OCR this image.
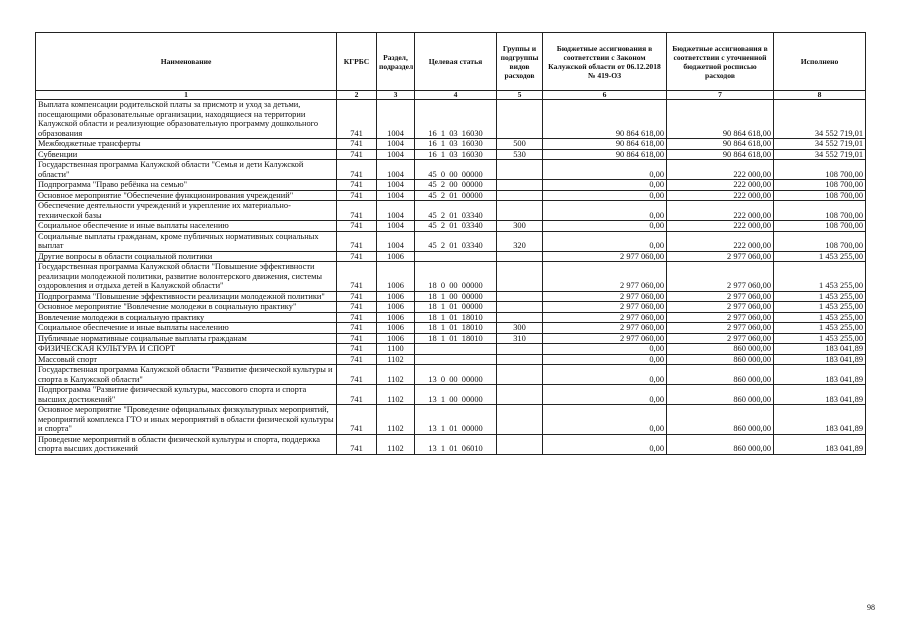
Наименование	КГРБС	Раздел, подраздел	Целевая статья	Группы и подгруппы видов расходов	Бюджетные ассигнования в соответствии с Законом Калужской области от 06.12.2018 № 419-ОЗ	Бюджетные ассигнования в соответствии с уточненной бюджетной росписью расходов	Исполнено
1	2	3	4	5	6	7	8
Выплата компенсации родительской платы за присмотр и уход за детьми, посещающими образовательные организации, находящиеся на территории Калужской области и реализующие образовательную программу дошкольного образования	741	1004	16  1  03  16030		90 864 618,00	90 864 618,00	34 552 719,01
Межбюджетные трансферты	741	1004	16  1  03  16030	500	90 864 618,00	90 864 618,00	34 552 719,01
Субвенции	741	1004	16  1  03  16030	530	90 864 618,00	90 864 618,00	34 552 719,01
Государственная программа Калужской области "Семья и дети Калужской области"	741	1004	45  0  00  00000		0,00	222 000,00	108 700,00
Подпрограмма "Право ребёнка на семью"	741	1004	45  2  00  00000		0,00	222 000,00	108 700,00
Основное мероприятие "Обеспечение функционирования учреждений"	741	1004	45  2  01  00000		0,00	222 000,00	108 700,00
Обеспечение деятельности учреждений и укрепление их материально-технической базы	741	1004	45  2  01  03340		0,00	222 000,00	108 700,00
Социальное обеспечение и иные выплаты населению	741	1004	45  2  01  03340	300	0,00	222 000,00	108 700,00
Социальные выплаты гражданам, кроме публичных нормативных социальных выплат	741	1004	45  2  01  03340	320	0,00	222 000,00	108 700,00
Другие вопросы в области социальной политики	741	1006			2 977 060,00	2 977 060,00	1 453 255,00
Государственная программа Калужской области "Повышение эффективности реализации молодежной политики, развитие волонтерского движения, системы оздоровления и отдыха детей в Калужской области"	741	1006	18  0  00  00000		2 977 060,00	2 977 060,00	1 453 255,00
Подпрограмма "Повышение эффективности реализации молодежной политики"	741	1006	18  1  00  00000		2 977 060,00	2 977 060,00	1 453 255,00
Основное мероприятие "Вовлечение молодежи в социальную практику"	741	1006	18  1  01  00000		2 977 060,00	2 977 060,00	1 453 255,00
Вовлечение молодежи в социальную практику	741	1006	18  1  01  18010		2 977 060,00	2 977 060,00	1 453 255,00
Социальное обеспечение и иные выплаты населению	741	1006	18  1  01  18010	300	2 977 060,00	2 977 060,00	1 453 255,00
Публичные нормативные социальные выплаты гражданам	741	1006	18  1  01  18010	310	2 977 060,00	2 977 060,00	1 453 255,00
ФИЗИЧЕСКАЯ КУЛЬТУРА И СПОРТ	741	1100			0,00	860 000,00	183 041,89
Массовый спорт	741	1102			0,00	860 000,00	183 041,89
Государственная программа Калужской области "Развитие физической культуры и спорта в Калужской области"	741	1102	13  0  00  00000		0,00	860 000,00	183 041,89
Подпрограмма "Развитие физической культуры, массового спорта и спорта высших достижений"	741	1102	13  1  00  00000		0,00	860 000,00	183 041,89
Основное мероприятие "Проведение официальных физкультурных мероприятий, мероприятий комплекса ГТО и иных мероприятий в области физической культуры и спорта"	741	1102	13  1  01  00000		0,00	860 000,00	183 041,89
Проведение мероприятий в области физической культуры и спорта, поддержка спорта высших достижений	741	1102	13  1  01  06010		0,00	860 000,00	183 041,89
98
